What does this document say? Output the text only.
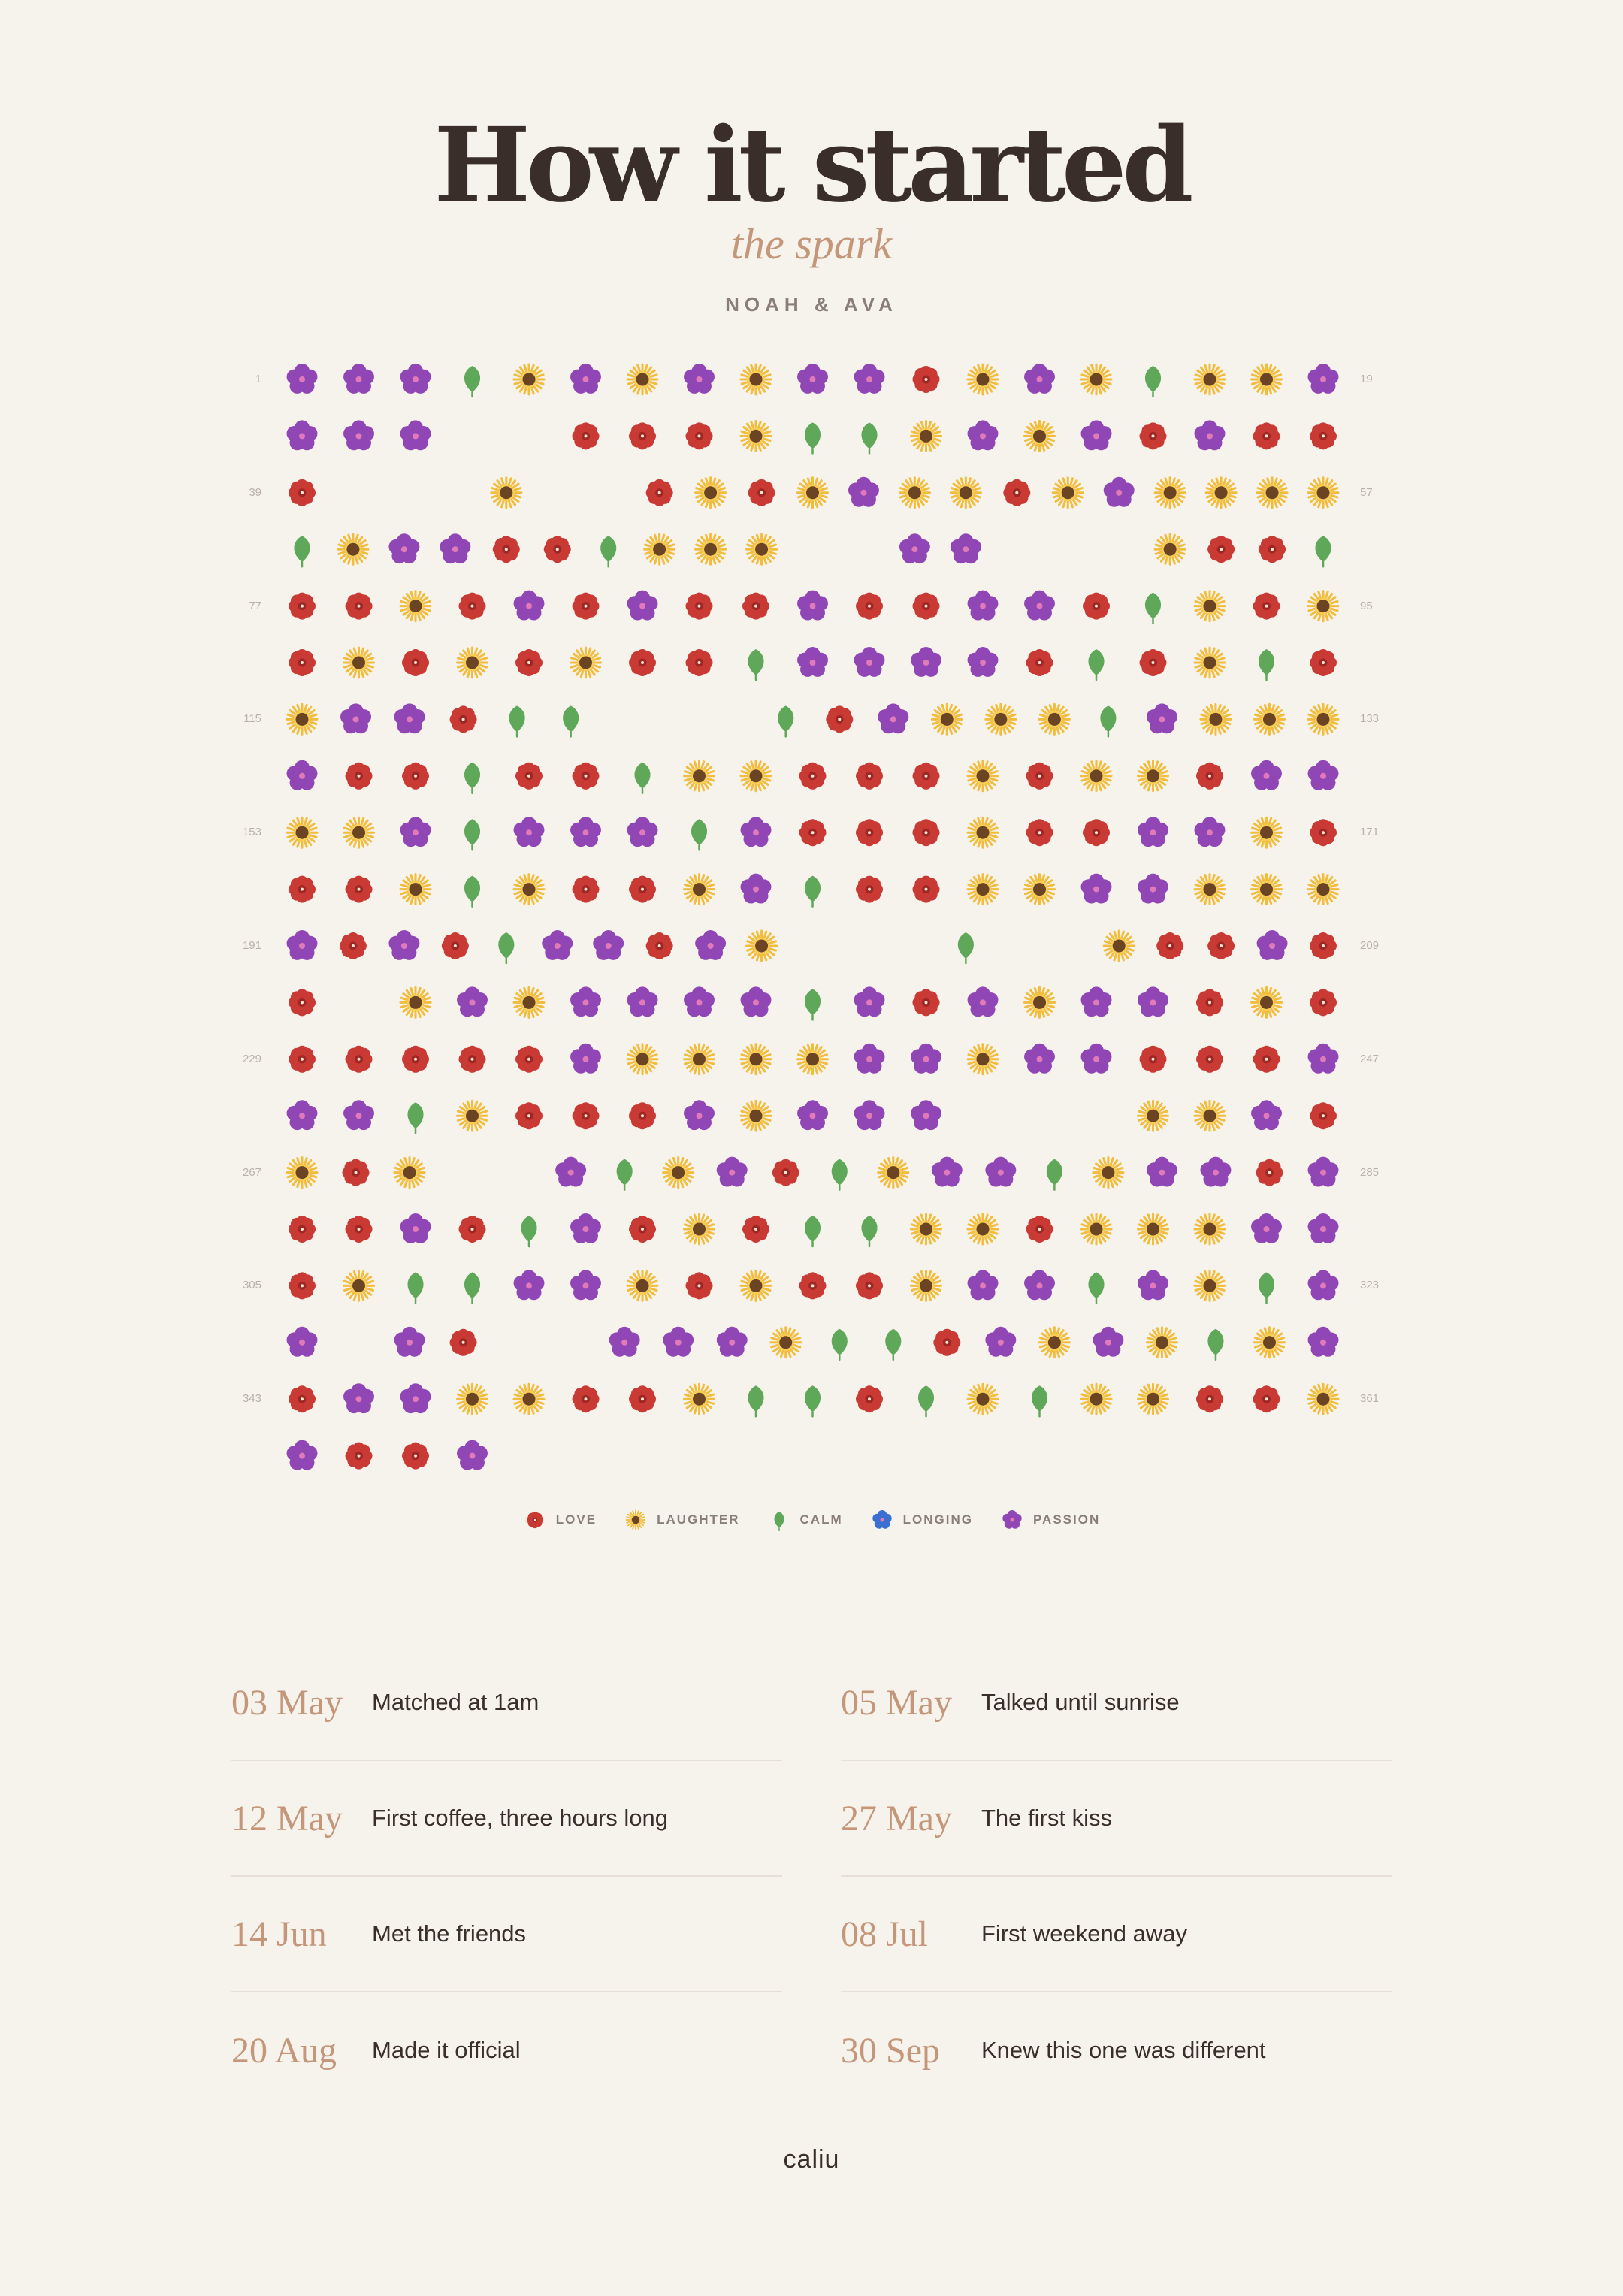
How it started
the spark
NOAH & AVA
1	19
39	57
77	95
115	133
153	171
191	209
229	247
267	285
305	323
343	361
LOVE	LAUGHTER	CALM	LONGING	PASSION
03 May	Matched at 1am	05 May	Talked until sunrise
12 May	First coffee, three hours long	27 May	The first kiss
14 Jun	Met the friends	08 Jul	First weekend away
20 Aug	Made it official	30 Sep	Knew this one was different
caliu
